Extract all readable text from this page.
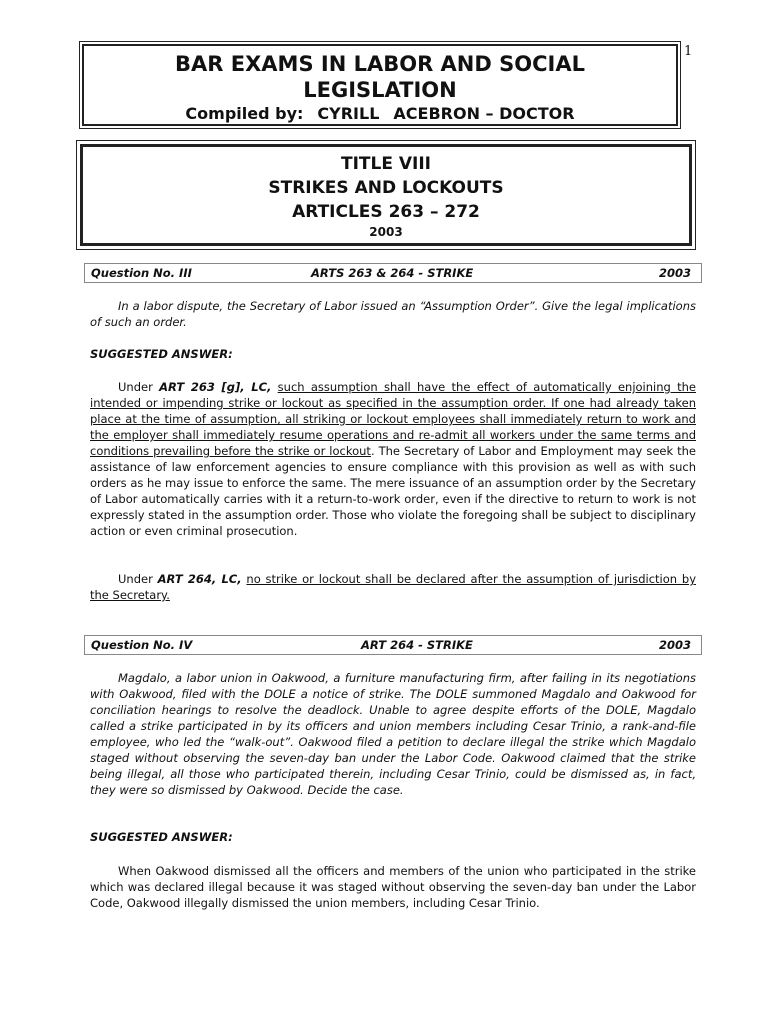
1
BAR EXAMS IN LABOR AND SOCIAL
LEGISLATION
Compiled by: CYRILL ACEBRON – DOCTOR
TITLE VIII
STRIKES AND LOCKOUTS
ARTICLES 263 – 272
2003
Question No. III	ARTS 263 & 264 - STRIKE	2003
In a labor dispute, the Secretary of Labor issued an “Assumption Order”. Give the legal implications of such an order.
SUGGESTED ANSWER:
Under ART 263 [g], LC, such assumption shall have the effect of automatically enjoining the intended or impending strike or lockout as specified in the assumption order. If one had already taken place at the time of assumption, all striking or lockout employees shall immediately return to work and the employer shall immediately resume operations and re-admit all workers under the same terms and conditions prevailing before the strike or lockout. The Secretary of Labor and Employment may seek the assistance of law enforcement agencies to ensure compliance with this provision as well as with such orders as he may issue to enforce the same. The mere issuance of an assumption order by the Secretary of Labor automatically carries with it a return-to-work order, even if the directive to return to work is not expressly stated in the assumption order. Those who violate the foregoing shall be subject to disciplinary action or even criminal prosecution.
Under ART 264, LC, no strike or lockout shall be declared after the assumption of jurisdiction by the Secretary.
Question No. IV	ART 264 - STRIKE	2003
Magdalo, a labor union in Oakwood, a furniture manufacturing firm, after failing in its negotiations with Oakwood, filed with the DOLE a notice of strike. The DOLE summoned Magdalo and Oakwood for conciliation hearings to resolve the deadlock. Unable to agree despite efforts of the DOLE, Magdalo called a strike participated in by its officers and union members including Cesar Trinio, a rank-and-file employee, who led the “walk-out”. Oakwood filed a petition to declare illegal the strike which Magdalo staged without observing the seven-day ban under the Labor Code. Oakwood claimed that the strike being illegal, all those who participated therein, including Cesar Trinio, could be dismissed as, in fact, they were so dismissed by Oakwood. Decide the case.
SUGGESTED ANSWER:
When Oakwood dismissed all the officers and members of the union who participated in the strike which was declared illegal because it was staged without observing the seven-day ban under the Labor Code, Oakwood illegally dismissed the union members, including Cesar Trinio.
